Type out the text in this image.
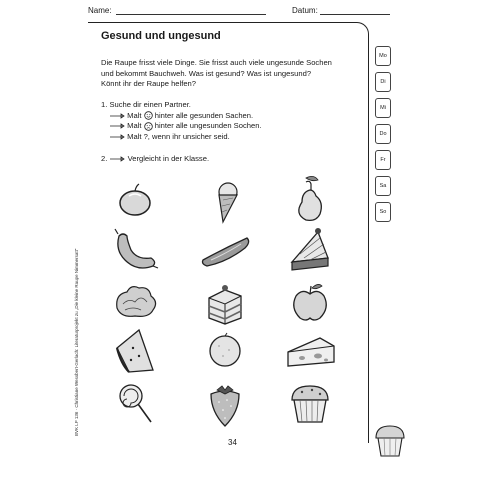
Name:	Datum:
Gesund und ungesund
Die Raupe frisst viele Dinge. Sie frisst auch viele ungesunde Sochen
und bekommt Bauchweh. Was ist gesund? Was ist ungesund?
Könnt ihr der Raupe helfen?
1. Suche dir einen Partner.
Malt hinter alle gesunden Sachen.
Malt hinter alle ungesunden Sochen.
Malt ?, wenn ihr unsicher seid.
2.	Vergleicht in der Klasse.
Mo
Di
Mi
Do
Fr
Sa
So
34
BVK LP 136 · Christiane Wessbert-Gerlach: Literaturprojekt zu „Die kleine Raupe Nimmersatt“
